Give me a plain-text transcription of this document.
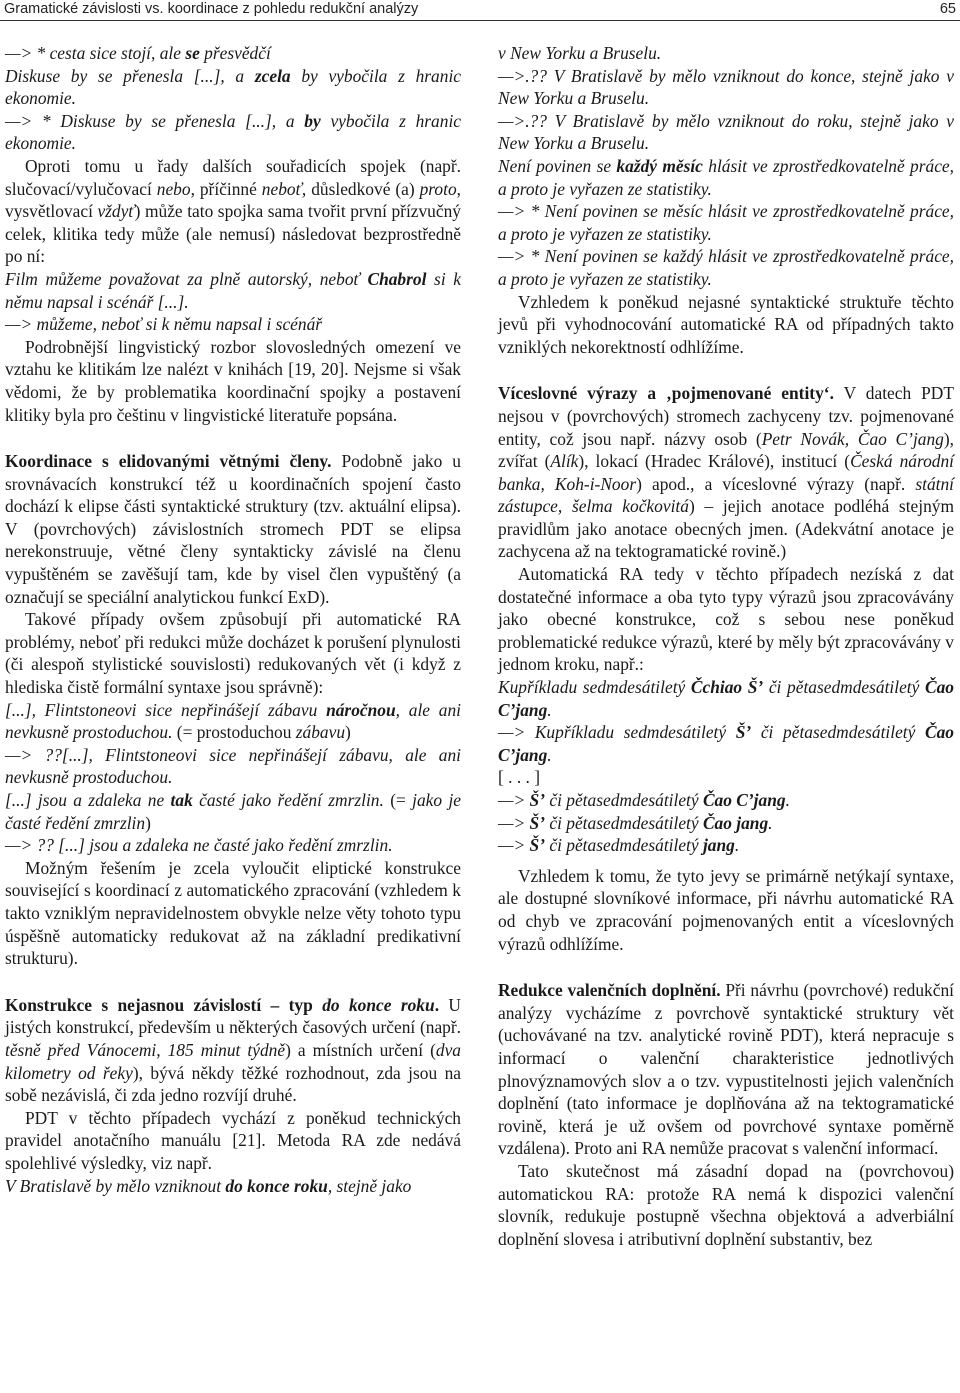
Gramatické závislosti vs. koordinace z pohledu redukční analýzy	65

—> * cesta sice stojí, ale se přesvědčí

Diskuse by se přenesla [...], a zcela by vybočila z hranic ekonomie.

—> * Diskuse by se přenesla [...], a by vybočila z hranic ekonomie.

Oproti tomu u řady dalších souřadicích spojek (např. slučovací/vylučovací nebo, příčinné neboť, důsledkové (a) proto, vysvětlovací vždyť) může tato spojka sama tvořit první přízvučný celek, klitika tedy může (ale nemusí) následovat bezprostředně po ní:

Film můžeme považovat za plně autorský, neboť Chabrol si k němu napsal i scénář [...].

—> můžeme, neboť si k němu napsal i scénář

Podrobnější lingvistický rozbor slovosledných omezení ve vztahu ke klitikám lze nalézt v knihách [19, 20]. Nejsme si však vědomi, že by problematika koordinační spojky a postavení klitiky byla pro češtinu v lingvistické literatuře popsána.

Koordinace s elidovanými větnými členy. Podobně jako u srovnávacích konstrukcí též u koordinačních spojení často dochází k elipse části syntaktické struktury (tzv. aktuální elipsa). V (povrchových) závislostních stromech PDT se elipsa nerekonstruuje, větné členy syntakticky závislé na členu vypuštěném se zavěšují tam, kde by visel člen vypuštěný (a označují se speciální analytickou funkcí ExD).

Takové případy ovšem způsobují při automatické RA problémy, neboť při redukci může docházet k porušení plynulosti (či alespoň stylistické souvislosti) redukovaných vět (i když z hlediska čistě formální syntaxe jsou správně):

[...], Flintstoneovi sice nepřinášejí zábavu náročnou, ale ani nevkusně prostoduchou. (= prostoduchou zábavu)

—> ??[...], Flintstoneovi sice nepřinášejí zábavu, ale ani nevkusně prostoduchou.

[...] jsou a zdaleka ne tak časté jako ředění zmrzlin. (= jako je časté ředění zmrzlin)

—> ?? [...] jsou a zdaleka ne časté jako ředění zmrzlin.

Možným řešením je zcela vyloučit eliptické konstrukce související s koordinací z automatického zpracování (vzhledem k takto vzniklým nepravidelnostem obvykle nelze věty tohoto typu úspěšně automaticky redukovat až na základní predikativní strukturu).

Konstrukce s nejasnou závislostí – typ do konce roku. U jistých konstrukcí, především u některých časových určení (např. těsně před Vánocemi, 185 minut týdně) a místních určení (dva kilometry od řeky), bývá někdy těžké rozhodnout, zda jsou na sobě nezávislá, či zda jedno rozvíjí druhé.

PDT v těchto případech vychází z poněkud technických pravidel anotačního manuálu [21]. Metoda RA zde nedává spolehlivé výsledky, viz např.

V Bratislavě by mělo vzniknout do konce roku, stejně jako

v New Yorku a Bruselu.

—>.?? V Bratislavě by mělo vzniknout do konce, stejně jako v New Yorku a Bruselu.

—>.?? V Bratislavě by mělo vzniknout do roku, stejně jako v New Yorku a Bruselu.

Není povinen se každý měsíc hlásit ve zprostředkovatelně práce, a proto je vyřazen ze statistiky.

—> * Není povinen se měsíc hlásit ve zprostředkovatelně práce, a proto je vyřazen ze statistiky.

—> * Není povinen se každý hlásit ve zprostředkovatelně práce, a proto je vyřazen ze statistiky.

Vzhledem k poněkud nejasné syntaktické struktuře těchto jevů při vyhodnocování automatické RA od případných takto vzniklých nekorektností odhlížíme.

Víceslovné výrazy a ‚pojmenované entity‘. V datech PDT nejsou v (povrchových) stromech zachyceny tzv. pojmenované entity, což jsou např. názvy osob (Petr Novák, Čao C’jang), zvířat (Alík), lokací (Hradec Králové), institucí (Česká národní banka, Koh-i-Noor) apod., a víceslovné výrazy (např. státní zástupce, šelma kočkovitá) – jejich anotace podléhá stejným pravidlům jako anotace obecných jmen. (Adekvátní anotace je zachycena až na tektogramatické rovině.)

Automatická RA tedy v těchto případech nezíská z dat dostatečné informace a oba tyto typy výrazů jsou zpracovávány jako obecné konstrukce, což s sebou nese poněkud problematické redukce výrazů, které by měly být zpracovávány v jednom kroku, např.:

Kupříkladu sedmdesátiletý Čchiao Š’ či pětasedmdesátiletý Čao C’jang.

—> Kupříkladu sedmdesátiletý Š’ či pětasedmdesátiletý Čao C’jang.

[ . . . ]

—> Š’ či pětasedmdesátiletý Čao C’jang.

—> Š’ či pětasedmdesátiletý Čao jang.

—> Š’ či pětasedmdesátiletý jang.

Vzhledem k tomu, že tyto jevy se primárně netýkají syntaxe, ale dostupné slovníkové informace, při návrhu automatické RA od chyb ve zpracování pojmenovaných entit a víceslovných výrazů odhlížíme.

Redukce valenčních doplnění. Při návrhu (povrchové) redukční analýzy vycházíme z povrchově syntaktické struktury vět (uchovávané na tzv. analytické rovině PDT), která nepracuje s informací o valenční charakteristice jednotlivých plnovýznamových slov a o tzv. vypustitelnosti jejich valenčních doplnění (tato informace je doplňována až na tektogramatické rovině, která je už ovšem od povrchové syntaxe poměrně vzdálena). Proto ani RA nemůže pracovat s valenční informací.

Tato skutečnost má zásadní dopad na (povrchovou) automatickou RA: protože RA nemá k dispozici valenční slovník, redukuje postupně všechna objektová a adverbiální doplnění slovesa i atributivní doplnění substantiv, bez
